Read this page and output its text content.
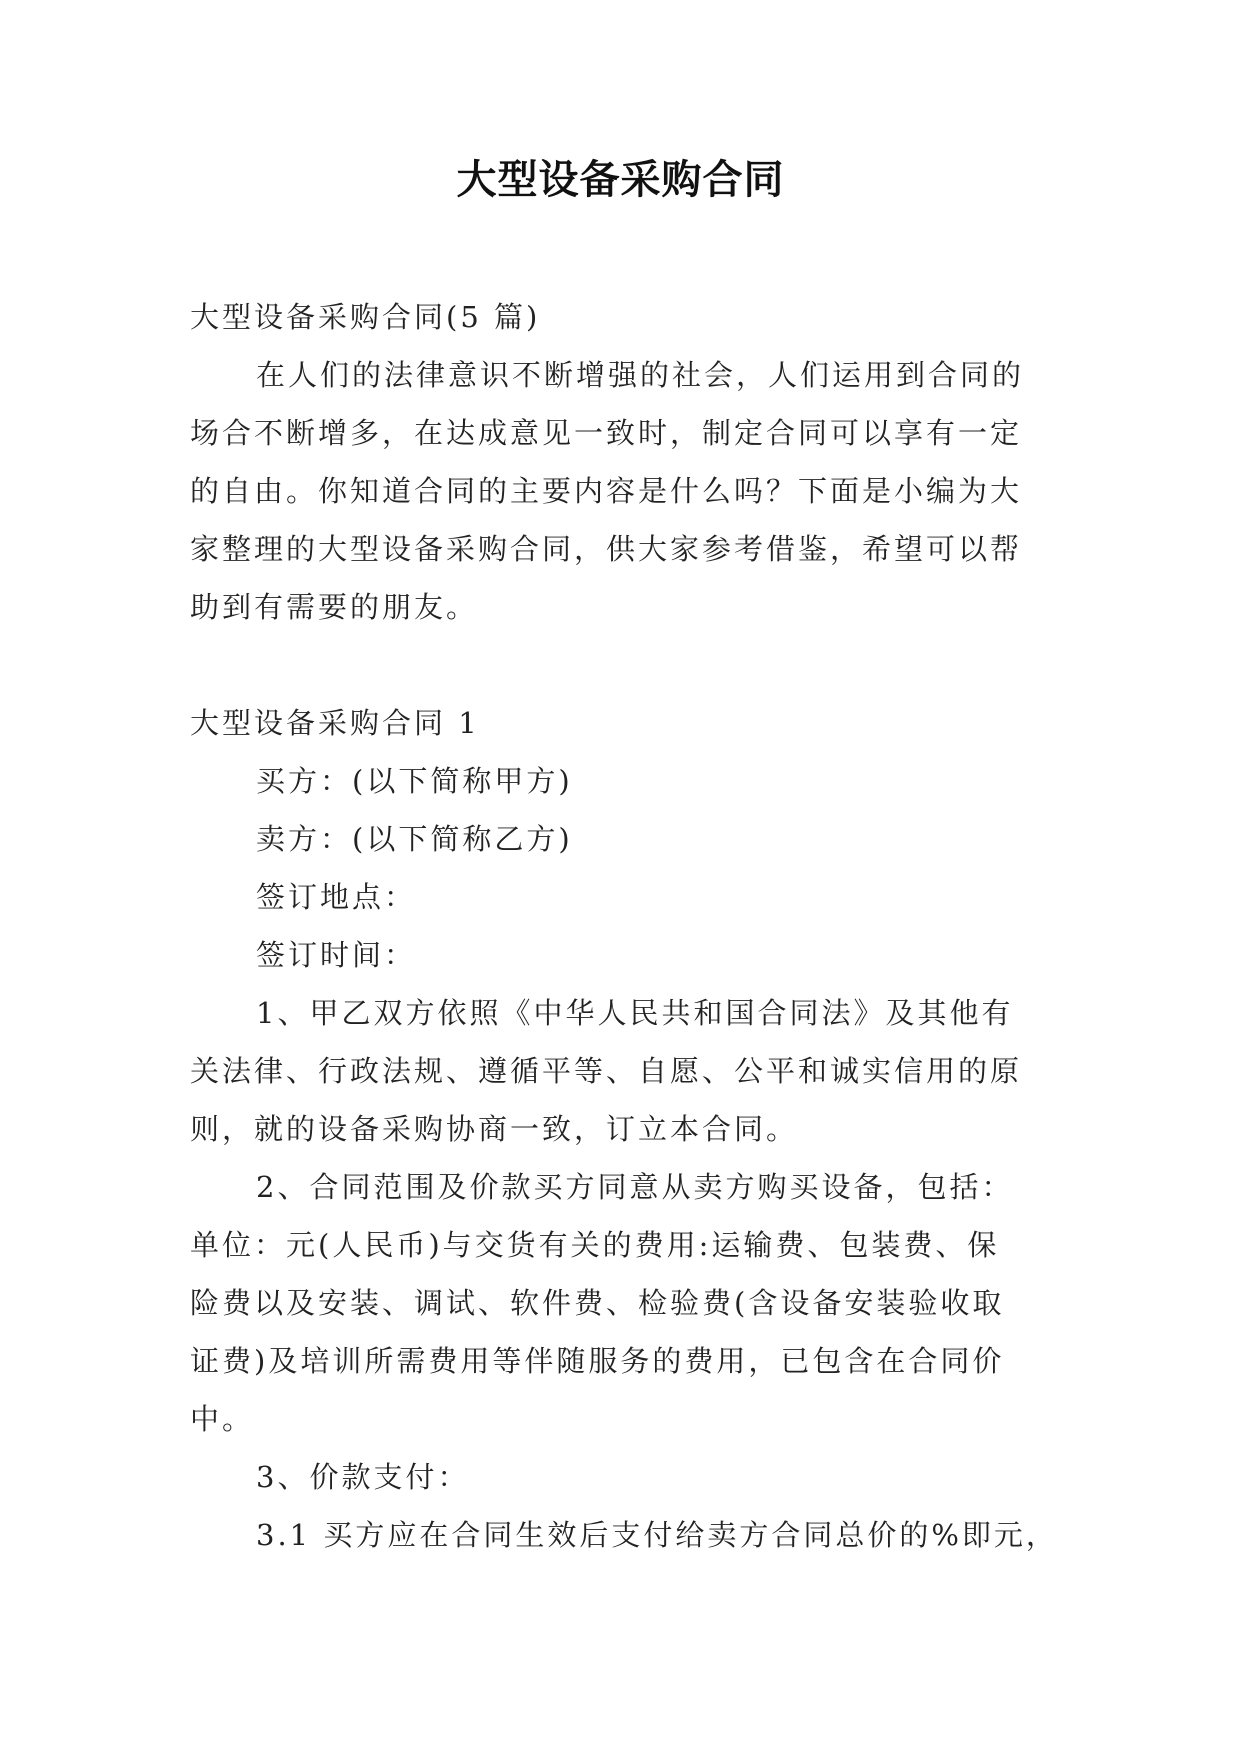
大型设备采购合同
大型设备采购合同(5 篇)
在人们的法律意识不断增强的社会，人们运用到合同的
场合不断增多，在达成意见一致时，制定合同可以享有一定
的自由。你知道合同的主要内容是什么吗？下面是小编为大
家整理的大型设备采购合同，供大家参考借鉴，希望可以帮
助到有需要的朋友。
大型设备采购合同 1
买方：(以下简称甲方)
卖方：(以下简称乙方)
签订地点：
签订时间：
1、甲乙双方依照《中华人民共和国合同法》及其他有
关法律、行政法规、遵循平等、自愿、公平和诚实信用的原
则，就的设备采购协商一致，订立本合同。
2、合同范围及价款买方同意从卖方购买设备，包括：
单位：元(人民币)与交货有关的费用:运输费、包装费、保
险费以及安装、调试、软件费、检验费(含设备安装验收取
证费)及培训所需费用等伴随服务的费用，已包含在合同价
中。
3、价款支付：
3.1 买方应在合同生效后支付给卖方合同总价的%即元，
